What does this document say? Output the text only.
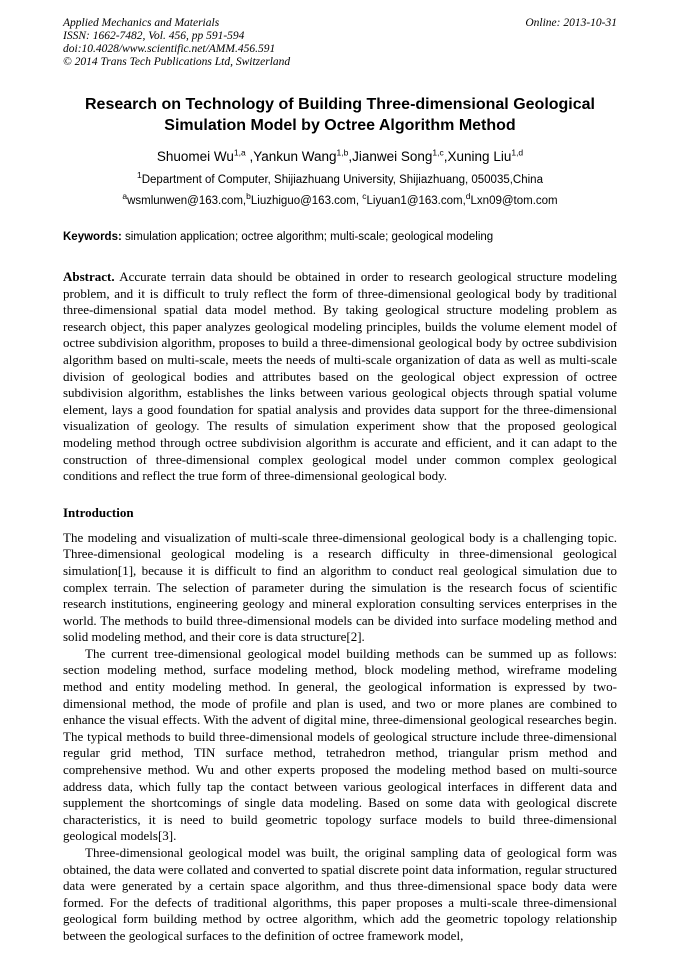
Applied Mechanics and Materials
ISSN: 1662-7482, Vol. 456, pp 591-594
doi:10.4028/www.scientific.net/AMM.456.591
© 2014 Trans Tech Publications Ltd, Switzerland
Online: 2013-10-31
Research on Technology of Building Three-dimensional Geological Simulation Model by Octree Algorithm Method
Shuomei Wu$^{1,a}$ ,Yankun Wang$^{1,b}$,Jianwei Song$^{1,c}$,Xuning Liu$^{1,d}$
$^1$Department of Computer, Shijiazhuang University, Shijiazhuang, 050035,China
$^a$wsmlunwen@163.com,$^b$Liuzhiguo@163.com, $^c$Liyuan1@163.com,$^d$Lxn09@tom.com
Keywords: simulation application; octree algorithm; multi-scale; geological modeling

Abstract. Accurate terrain data should be obtained in order to research geological structure modeling problem, and it is difficult to truly reflect the form of three-dimensional geological body by traditional three-dimensional spatial data model method. By taking geological structure modeling problem as research object, this paper analyzes geological modeling principles, builds the volume element model of octree subdivision algorithm, proposes to build a three-dimensional geological body by octree subdivision algorithm based on multi-scale, meets the needs of multi-scale organization of data as well as multi-scale division of geological bodies and attributes based on the geological object expression of octree subdivision algorithm, establishes the links between various geological objects through spatial volume element, lays a good foundation for spatial analysis and provides data support for the three-dimensional visualization of geology. The results of simulation experiment show that the proposed geological modeling method through octree subdivision algorithm is accurate and efficient, and it can adapt to the construction of three-dimensional complex geological model under common complex geological conditions and reflect the true form of three-dimensional geological body.

Introduction

The modeling and visualization of multi-scale three-dimensional geological body is a challenging topic. Three-dimensional geological modeling is a research difficulty in three-dimensional geological simulation[1], because it is difficult to find an algorithm to conduct real geological simulation due to complex terrain. The selection of parameter during the simulation is the research focus of scientific research institutions, engineering geology and mineral exploration consulting services enterprises in the world. The methods to build three-dimensional models can be divided into surface modeling method and solid modeling method, and their core is data structure[2].

The current tree-dimensional geological model building methods can be summed up as follows: section modeling method, surface modeling method, block modeling method, wireframe modeling method and entity modeling method. In general, the geological information is expressed by two-dimensional method, the mode of profile and plan is used, and two or more planes are combined to enhance the visual effects. With the advent of digital mine, three-dimensional geological researches begin. The typical methods to build three-dimensional models of geological structure include three-dimensional regular grid method, TIN surface method, tetrahedron method, triangular prism method and comprehensive method. Wu and other experts proposed the modeling method based on multi-source address data, which fully tap the contact between various geological interfaces in different data and supplement the shortcomings of single data modeling. Based on some data with geological discrete characteristics, it is need to build geometric topology surface models to build three-dimensional geological models[3].

Three-dimensional geological model was built, the original sampling data of geological form was obtained, the data were collated and converted to spatial discrete point data information, regular structured data were generated by a certain space algorithm, and thus three-dimensional space body data were formed. For the defects of traditional algorithms, this paper proposes a multi-scale three-dimensional geological form building method by octree algorithm, which add the geometric topology relationship between the geological surfaces to the definition of octree framework model,
